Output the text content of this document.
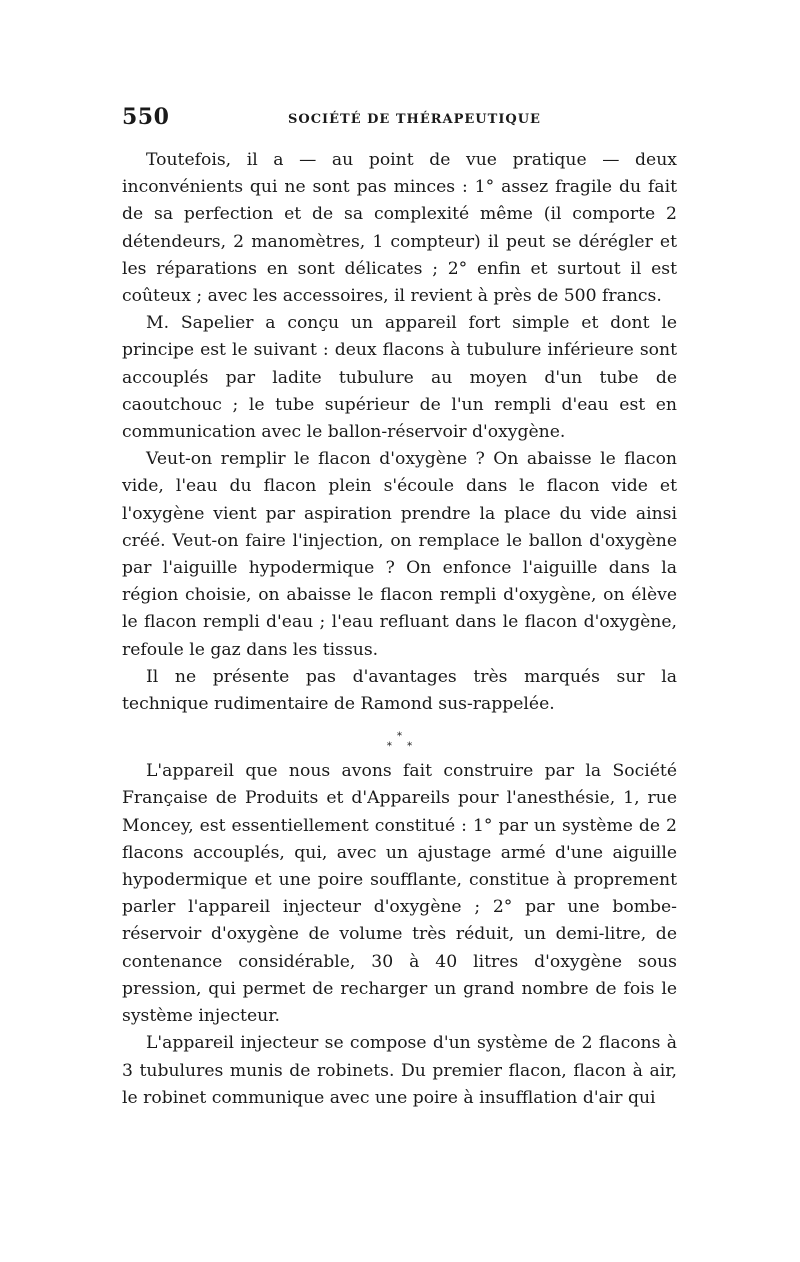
550	SOCIÉTÉ DE THÉRAPEUTIQUE

Toutefois, il a — au point de vue pratique — deux inconvénients qui ne sont pas minces : 1° assez fragile du fait de sa perfection et de sa complexité même (il comporte 2 détendeurs, 2 manomètres, 1 compteur) il peut se dérégler et les réparations en sont délicates ; 2° enfin et surtout il est coûteux ; avec les accessoires, il revient à près de 500 francs.

M. Sapelier a conçu un appareil fort simple et dont le principe est le suivant : deux flacons à tubulure inférieure sont accouplés par ladite tubulure au moyen d'un tube de caoutchouc ; le tube supérieur de l'un rempli d'eau est en communication avec le ballon-réservoir d'oxygène.

Veut-on remplir le flacon d'oxygène ? On abaisse le flacon vide, l'eau du flacon plein s'écoule dans le flacon vide et l'oxygène vient par aspiration prendre la place du vide ainsi créé. Veut-on faire l'injection, on remplace le ballon d'oxygène par l'aiguille hypodermique ? On enfonce l'aiguille dans la région choisie, on abaisse le flacon rempli d'oxygène, on élève le flacon rempli d'eau ; l'eau refluant dans le flacon d'oxygène, refoule le gaz dans les tissus.

Il ne présente pas d'avantages très marqués sur la technique rudimentaire de Ramond sus-rappelée.

*
* *

L'appareil que nous avons fait construire par la Société Française de Produits et d'Appareils pour l'anesthésie, 1, rue Moncey, est essentiellement constitué : 1° par un système de 2 flacons accouplés, qui, avec un ajustage armé d'une aiguille hypodermique et une poire soufflante, constitue à proprement parler l'appareil injecteur d'oxygène ; 2° par une bombe-réservoir d'oxygène de volume très réduit, un demi-litre, de contenance considérable, 30 à 40 litres d'oxygène sous pression, qui permet de recharger un grand nombre de fois le système injecteur.

L'appareil injecteur se compose d'un système de 2 flacons à 3 tubulures munis de robinets. Du premier flacon, flacon à air, le robinet communique avec une poire à insufflation d'air qui
